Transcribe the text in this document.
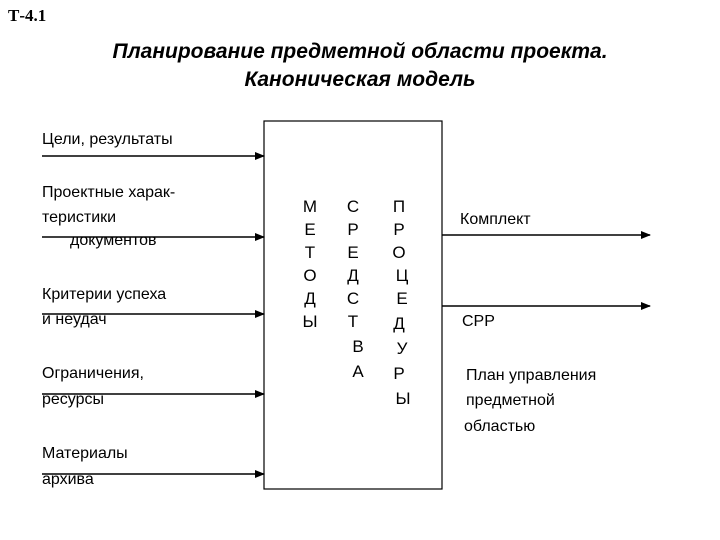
Т-4.1
Планирование предметной области проекта.
Каноническая модель
Цели, результаты
Проектные харак-
теристики
документов
Критерии успеха
и неудач
Ограничения,
ресурсы
Материалы
архива
М
Е
Т
О
Д
Ы
С
Р
Е
Д
С
Т
В
А
П
Р
О
Ц
Е
Д
У
Р
Ы
Комплект
СРР
План управления
предметной
областью
